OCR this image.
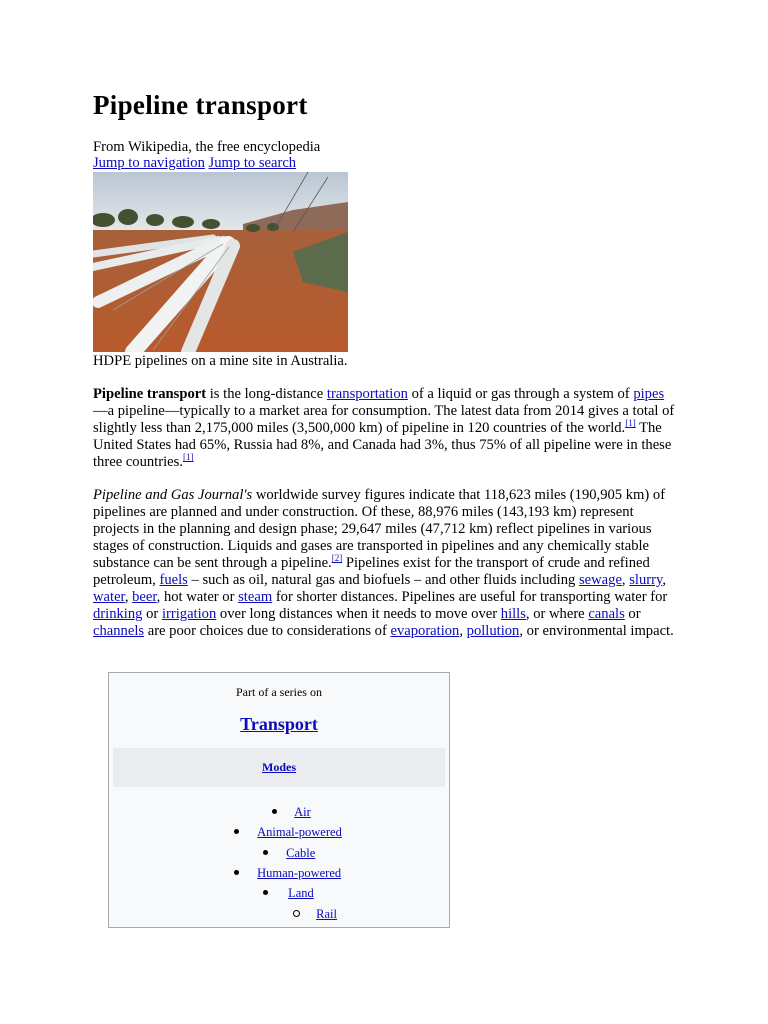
Pipeline transport
From Wikipedia, the free encyclopedia
Jump to navigation Jump to search
HDPE pipelines on a mine site in Australia.

Pipeline transport is the long-distance transportation of a liquid or gas through a system of pipes—a pipeline—typically to a market area for consumption. The latest data from 2014 gives a total of slightly less than 2,175,000 miles (3,500,000 km) of pipeline in 120 countries of the world.[1] The United States had 65%, Russia had 8%, and Canada had 3%, thus 75% of all pipeline were in these three countries.[1]

Pipeline and Gas Journal's worldwide survey figures indicate that 118,623 miles (190,905 km) of pipelines are planned and under construction. Of these, 88,976 miles (143,193 km) represent projects in the planning and design phase; 29,647 miles (47,712 km) reflect pipelines in various stages of construction. Liquids and gases are transported in pipelines and any chemically stable substance can be sent through a pipeline.[2] Pipelines exist for the transport of crude and refined petroleum, fuels – such as oil, natural gas and biofuels – and other fluids including sewage, slurry, water, beer, hot water or steam for shorter distances. Pipelines are useful for transporting water for drinking or irrigation over long distances when it needs to move over hills, or where canals or channels are poor choices due to considerations of evaporation, pollution, or environmental impact.

Part of a series on
Transport
Modes
Air
Animal-powered
Cable
Human-powered
Land
Rail
